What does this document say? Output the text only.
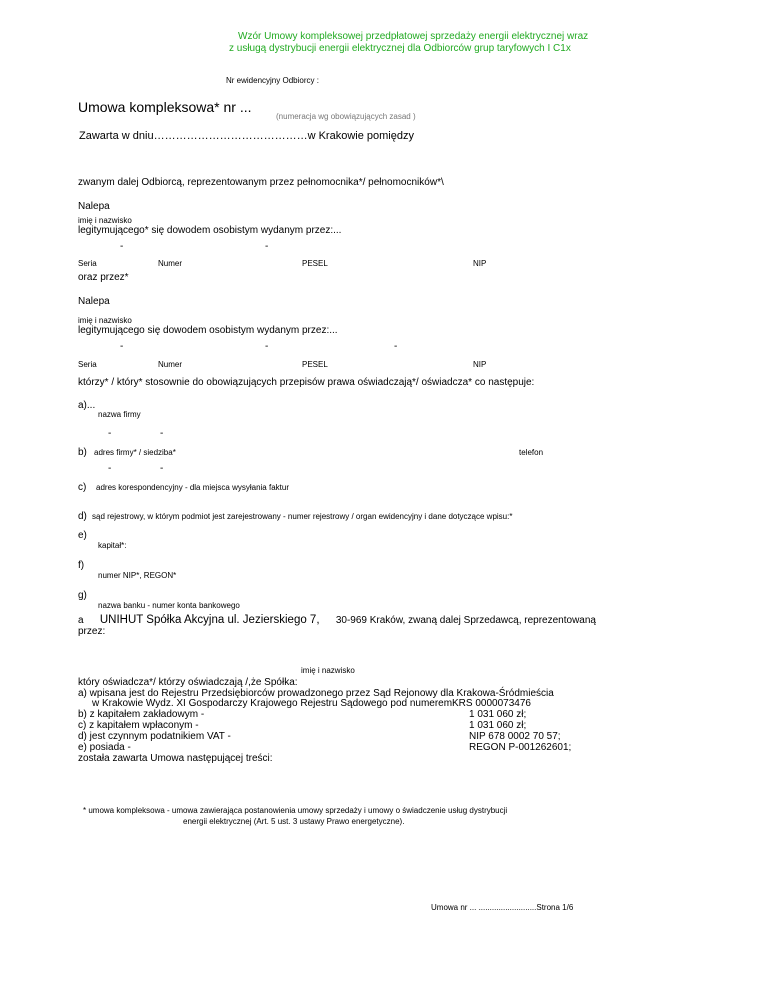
Wzór Umowy kompleksowej przedpłatowej sprzedaży energii elektrycznej wraz
z usługą dystrybucji energii elektrycznej dla Odbiorców grup taryfowych I C1x
Nr ewidencyjny Odbiorcy :
Umowa kompleksowa* nr ...
(numeracja wg obowiązujących zasad )
Zawarta w dniu……………………………………w Krakowie pomiędzy
zwanym dalej Odbiorcą, reprezentowanym przez pełnomocnika*/ pełnomocników*\
Nalepa
imię i nazwisko
legitymującego* się dowodem osobistym wydanym przez:...
-	-
Seria	Numer	PESEL	NIP
oraz przez*
Nalepa
imię i nazwisko
legitymującego się dowodem osobistym wydanym przez:...
-	-	-
Seria	Numer	PESEL	NIP
którzy* / który* stosownie do obowiązujących przepisów prawa oświadczają*/ oświadcza* co następuje:
a)...
nazwa firmy
-	-
b) adres firmy* / siedziba*	telefon
-	-
c) adres korespondencyjny - dla miejsca wysyłania faktur
d) sąd rejestrowy, w którym podmiot jest zarejestrowany - numer rejestrowy / organ ewidencyjny i dane dotyczące wpisu:*
e)
kapitał*:
f)
numer NIP*, REGON*
g)
nazwa banku - numer konta bankowego
a UNIHUT Spółka Akcyjna ul. Jezierskiego 7, 30-969 Kraków, zwaną dalej Sprzedawcą, reprezentowaną
przez:
imię i nazwisko
który oświadcza*/ którzy oświadczają /,że Spółka:
a) wpisana jest do Rejestru Przedsiębiorców prowadzonego przez Sąd Rejonowy dla Krakowa-Śródmieścia
w Krakowie Wydz. XI Gospodarczy Krajowego Rejestru Sądowego pod numerem KRS 0000073476
b) z kapitałem zakładowym -	1 031 060 zł;
c) z kapitałem wpłaconym -	1 031 060 zł;
d) jest czynnym podatnikiem VAT -	NIP 678 0002 70 57;
e) posiada -	REGON P-001262601;
została zawarta Umowa następującej treści:
* umowa kompleksowa - umowa zawierająca postanowienia umowy sprzedaży i umowy o świadczenie usług dystrybucji
energii elektrycznej (Art. 5 ust. 3 ustawy Prawo energetyczne).
Umowa nr ... ..........................Strona 1/6
